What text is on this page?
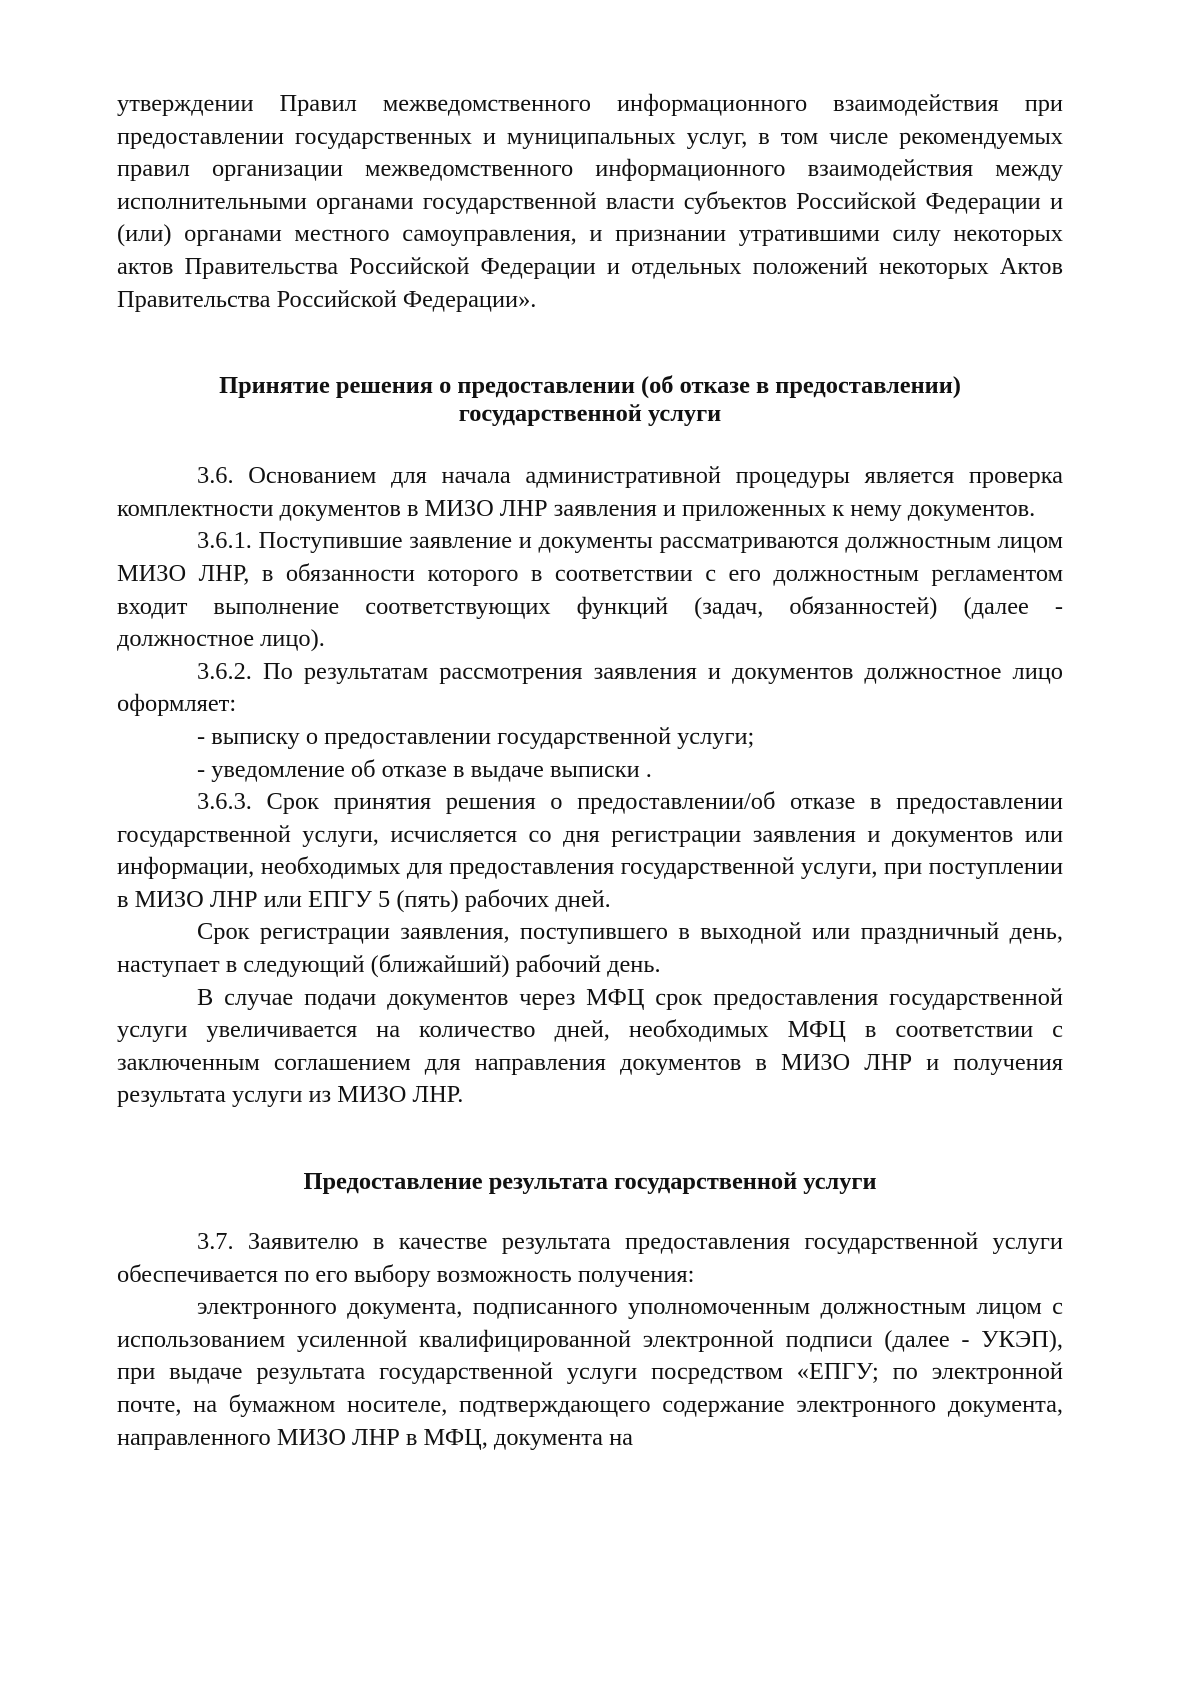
утверждении Правил межведомственного информационного взаимодействия при предоставлении государственных и муниципальных услуг, в том числе рекомендуемых правил организации межведомственного информационного взаимодействия между исполнительными органами государственной власти субъектов Российской Федерации и (или) органами местного самоуправления, и признании утратившими силу некоторых актов Правительства Российской Федерации и отдельных положений некоторых Актов Правительства Российской Федерации».

Принятие решения о предоставлении (об отказе в предоставлении)

государственной услуги

3.6. Основанием для начала административной процедуры является проверка комплектности документов в МИЗО ЛНР заявления и приложенных к нему документов.

3.6.1. Поступившие заявление и документы рассматриваются должностным лицом МИЗО ЛНР, в обязанности которого в соответствии с его должностным регламентом входит выполнение соответствующих функций (задач, обязанностей) (далее - должностное лицо).

3.6.2. По результатам рассмотрения заявления и документов должностное лицо оформляет:

- выписку о предоставлении государственной услуги;

- уведомление об отказе в выдаче выписки .

3.6.3. Срок принятия решения о предоставлении/об отказе в предоставлении государственной услуги, исчисляется со дня регистрации заявления и документов или информации, необходимых для предоставления государственной услуги, при поступлении в МИЗО ЛНР или ЕПГУ 5 (пять) рабочих дней.

Срок регистрации заявления, поступившего в выходной или праздничный день, наступает в следующий (ближайший) рабочий день.

В случае подачи документов через МФЦ срок предоставления государственной услуги увеличивается на количество дней, необходимых МФЦ в соответствии с заключенным соглашением для направления документов в МИЗО ЛНР и получения результата услуги из МИЗО ЛНР.

Предоставление результата государственной услуги

3.7. Заявителю в качестве результата предоставления государственной услуги обеспечивается по его выбору возможность получения:

электронного документа, подписанного уполномоченным должностным лицом с использованием усиленной квалифицированной электронной подписи (далее - УКЭП), при выдаче результата государственной услуги посредством «ЕПГУ; по электронной почте, на бумажном носителе, подтверждающего содержание электронного документа, направленного МИЗО ЛНР в МФЦ, документа на
